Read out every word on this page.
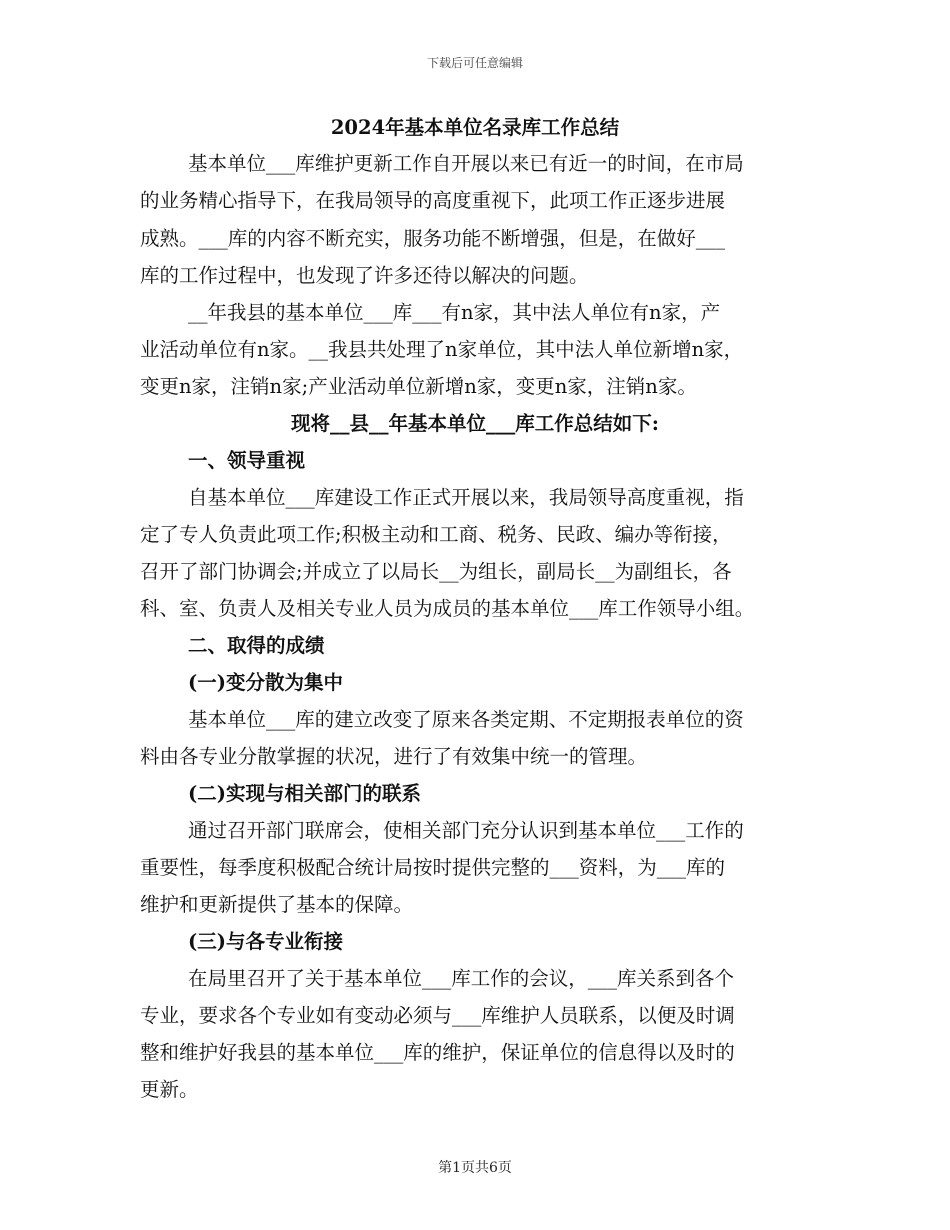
下载后可任意编辑
2024年基本单位名录库工作总结
基本单位___库维护更新工作自开展以来已有近一的时间，在市局
的业务精心指导下，在我局领导的高度重视下，此项工作正逐步进展
成熟。___库的内容不断充实，服务功能不断增强，但是，在做好___
库的工作过程中，也发现了许多还待以解决的问题。
__年我县的基本单位___库___有n家，其中法人单位有n家，产
业活动单位有n家。__我县共处理了n家单位，其中法人单位新增n家，
变更n家，注销n家;产业活动单位新增n家，变更n家，注销n家。
现将__县__年基本单位___库工作总结如下:
一、领导重视
自基本单位___库建设工作正式开展以来，我局领导高度重视，指
定了专人负责此项工作;积极主动和工商、税务、民政、编办等衔接，
召开了部门协调会;并成立了以局长__为组长，副局长__为副组长，各
科、室、负责人及相关专业人员为成员的基本单位___库工作领导小组。
二、取得的成绩
(一)变分散为集中
基本单位___库的建立改变了原来各类定期、不定期报表单位的资
料由各专业分散掌握的状况，进行了有效集中统一的管理。
(二)实现与相关部门的联系
通过召开部门联席会，使相关部门充分认识到基本单位___工作的
重要性，每季度积极配合统计局按时提供完整的___资料，为___库的
维护和更新提供了基本的保障。
(三)与各专业衔接
在局里召开了关于基本单位___库工作的会议，___库关系到各个
专业，要求各个专业如有变动必须与___库维护人员联系，以便及时调
整和维护好我县的基本单位___库的维护，保证单位的信息得以及时的
更新。
第1页共6页
